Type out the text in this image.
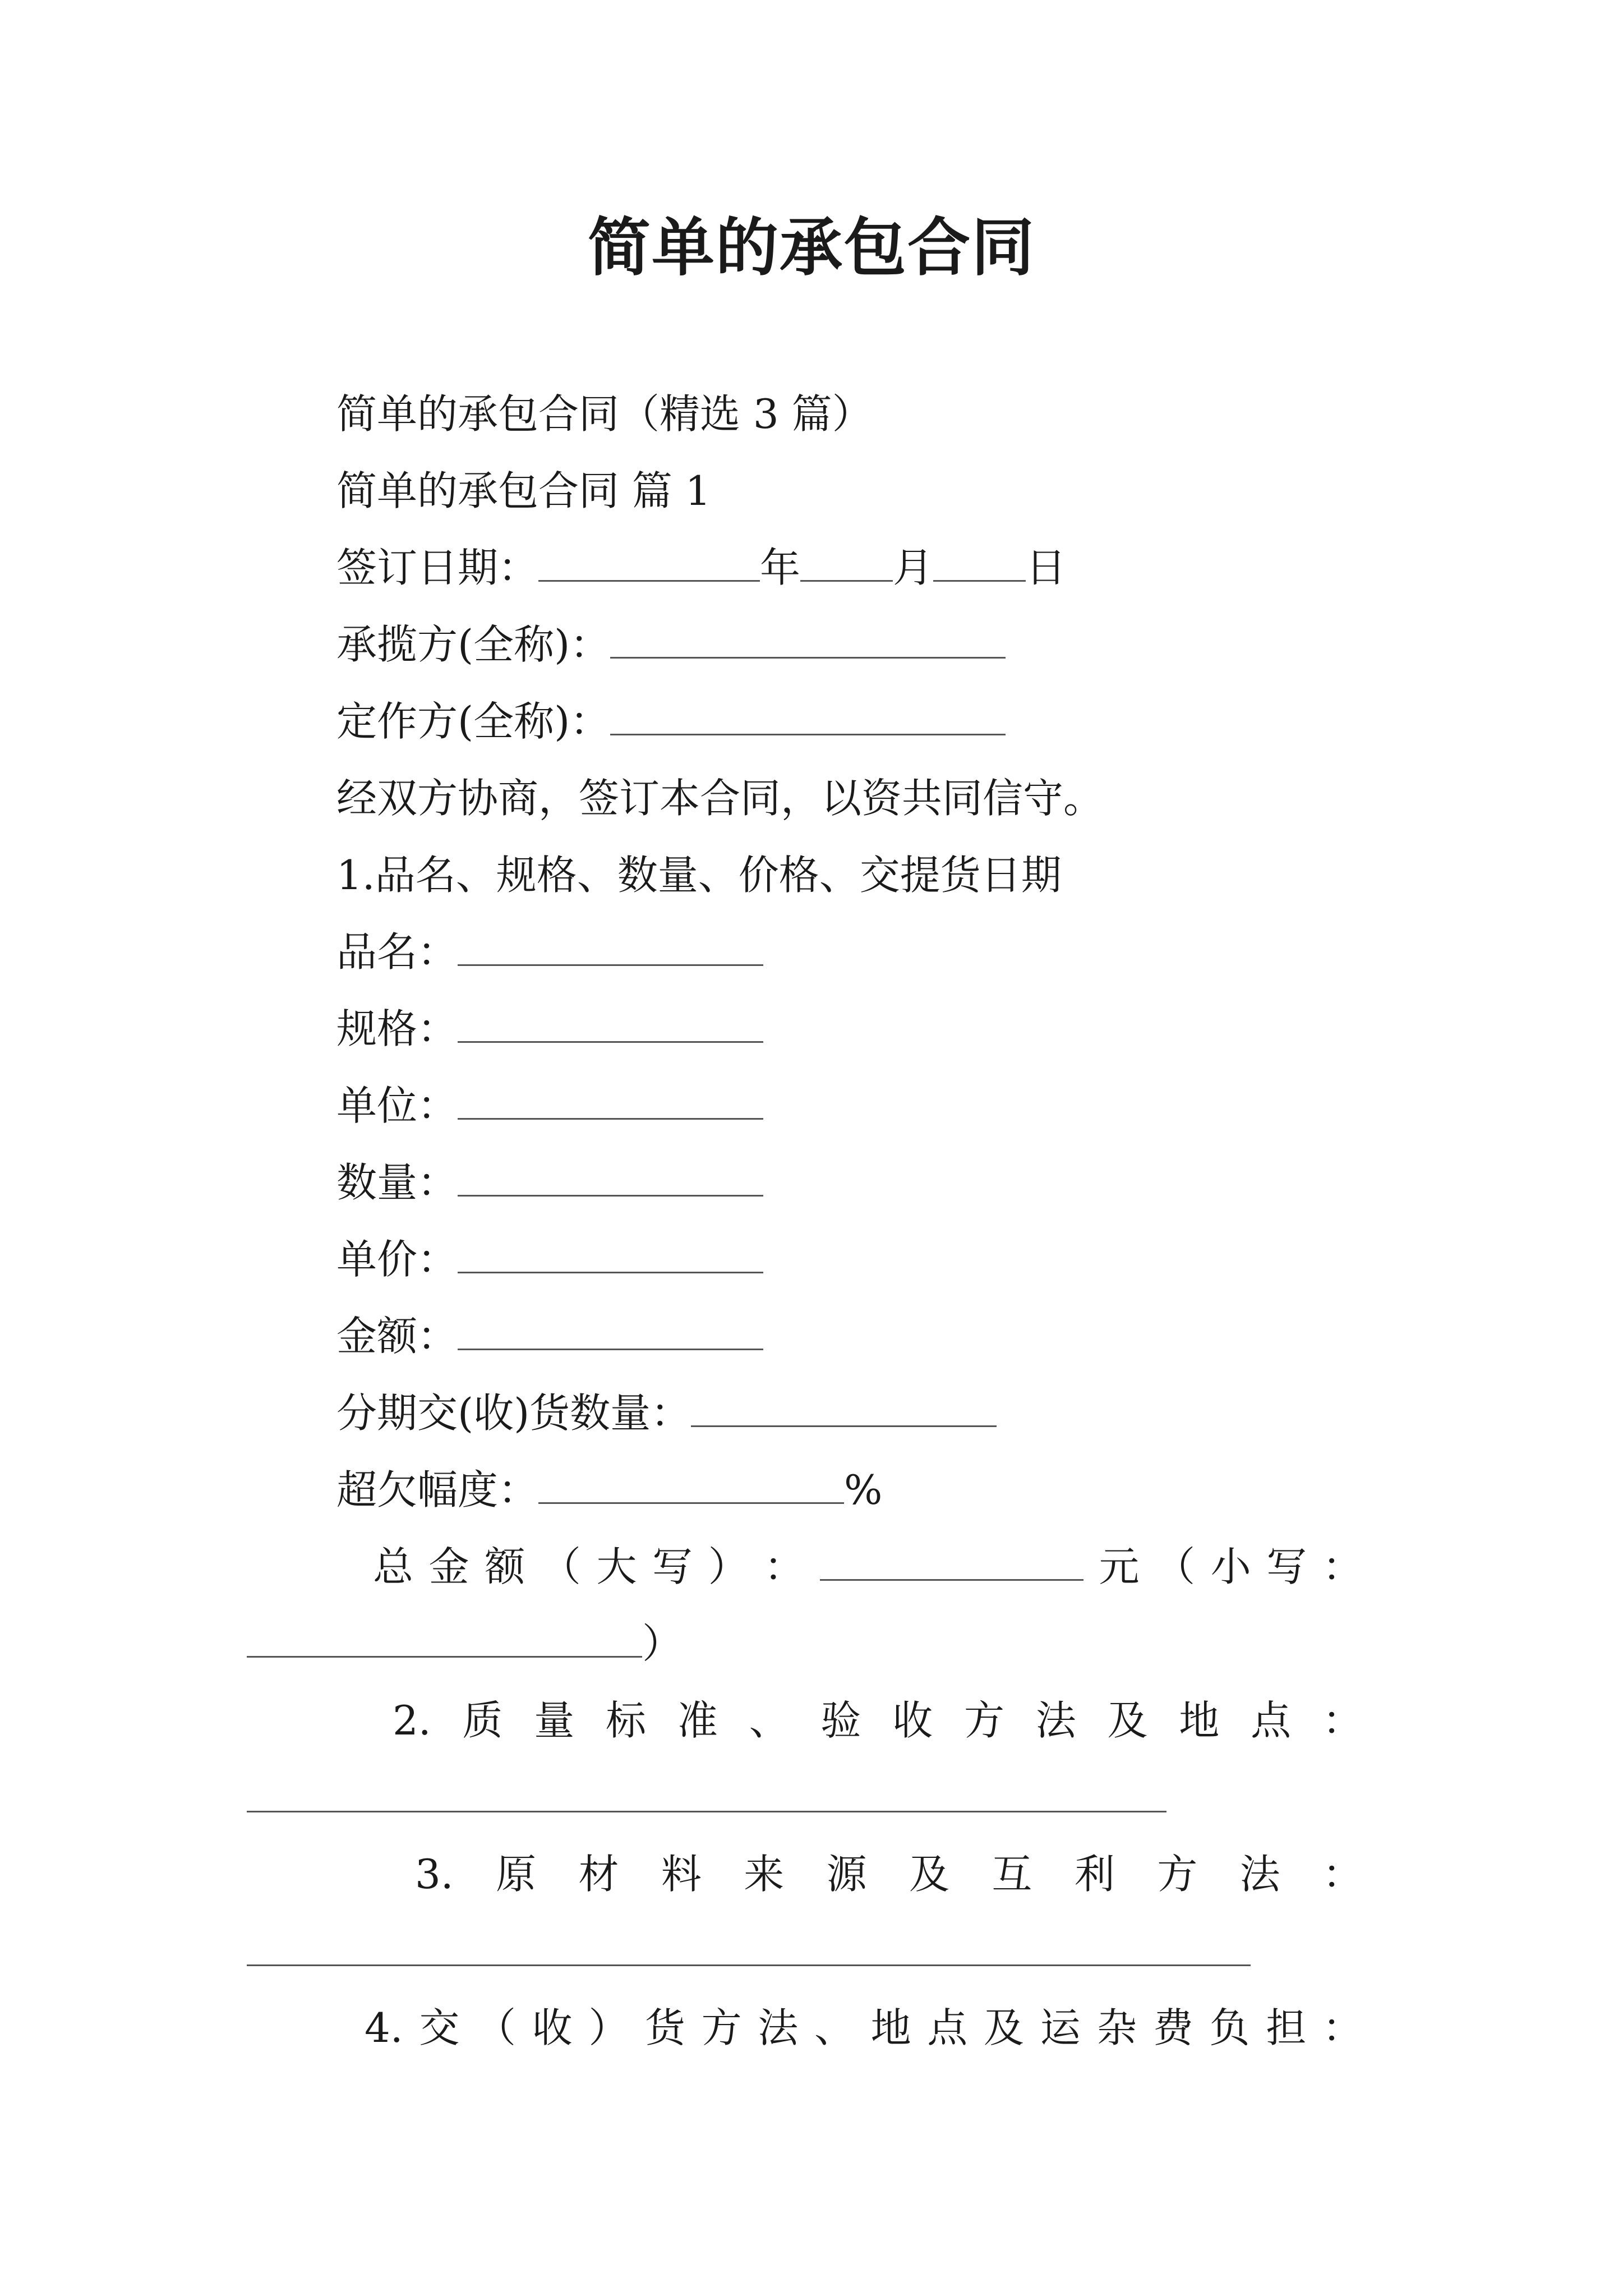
简单的承包合同
简单的承包合同（精选 3 篇）
简单的承包合同 篇 1
签订日期：	年 月 日
承揽方(全称)：
定作方(全称)：
经双方协商，签订本合同，以资共同信守。
1.品名、规格、数量、价格、交提货日期
品名：
规格：
单位：
数量：
单价：
金额：
分期交(收)货数量：
超欠幅度：	%
总 金 额 （ 大 写 ） ：	元 （ 小 写 ：
）
2. 质 量 标 准 、 验 收 方 法 及 地 点 ：
3. 原 材 料 来 源 及 互 利 方 法 ：
4. 交 （ 收 ） 货 方 法 、 地 点 及 运 杂 费 负 担 ：
